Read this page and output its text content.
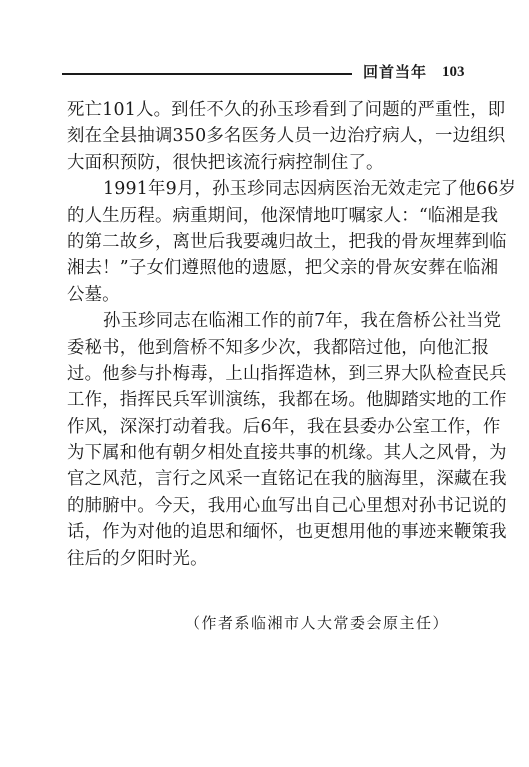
回首当年 103

死亡101人。到任不久的孙玉珍看到了问题的严重性，即
刻在全县抽调350多名医务人员一边治疗病人，一边组织
大面积预防，很快把该流行病控制住了。

1991年9月，孙玉珍同志因病医治无效走完了他66岁
的人生历程。病重期间，他深情地叮嘱家人：“临湘是我
的第二故乡，离世后我要魂归故土，把我的骨灰埋葬到临
湘去！”子女们遵照他的遗愿，把父亲的骨灰安葬在临湘
公墓。

孙玉珍同志在临湘工作的前7年，我在詹桥公社当党
委秘书，他到詹桥不知多少次，我都陪过他，向他汇报
过。他参与扑梅毒，上山指挥造林，到三界大队检查民兵
工作，指挥民兵军训演练，我都在场。他脚踏实地的工作
作风，深深打动着我。后6年，我在县委办公室工作，作
为下属和他有朝夕相处直接共事的机缘。其人之风骨，为
官之风范，言行之风采一直铭记在我的脑海里，深藏在我
的肺腑中。今天，我用心血写出自己心里想对孙书记说的
话，作为对他的追思和缅怀，也更想用他的事迹来鞭策我
往后的夕阳时光。

（作者系临湘市人大常委会原主任）
